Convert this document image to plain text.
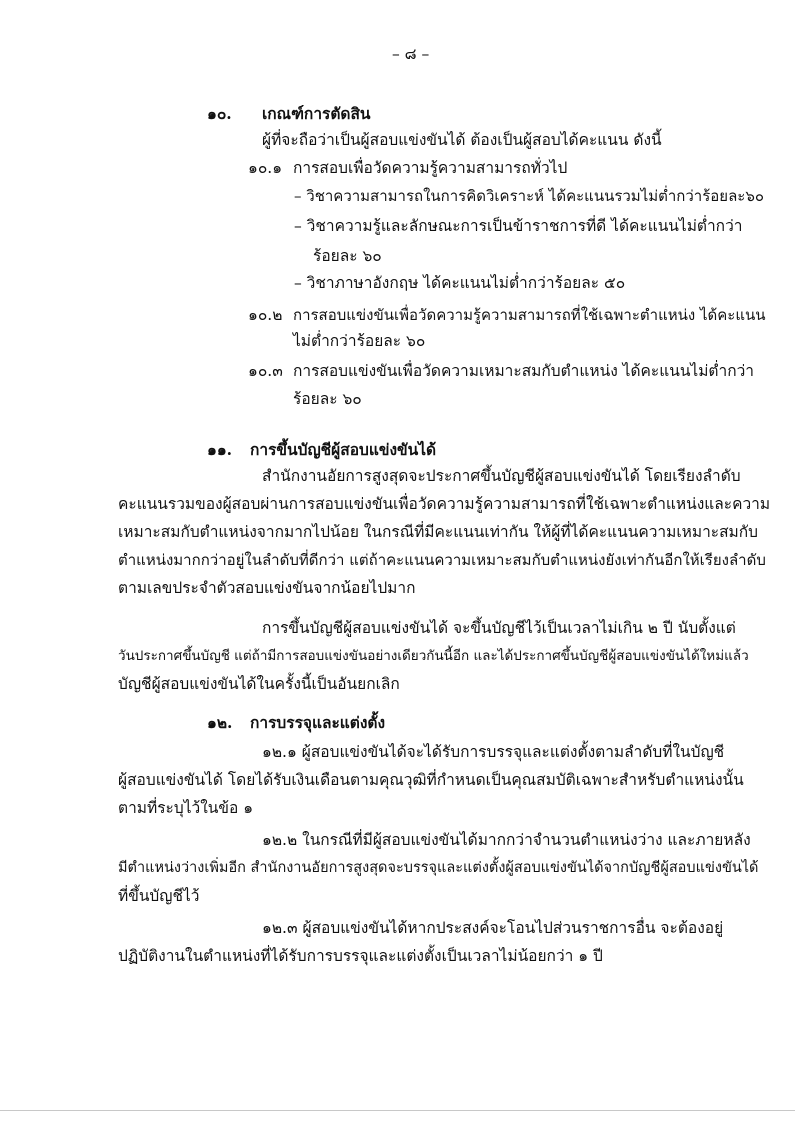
– ๘ –
๑๐. เกณฑ์การตัดสิน
ผู้ที่จะถือว่าเป็นผู้สอบแข่งขันได้ ต้องเป็นผู้สอบได้คะแนน ดังนี้
๑๐.๑ การสอบเพื่อวัดความรู้ความสามารถทั่วไป
– วิชาความสามารถในการคิดวิเคราะห์ ได้คะแนนรวมไม่ต่ำกว่าร้อยละ๖๐
– วิชาความรู้และลักษณะการเป็นข้าราชการที่ดี ได้คะแนนไม่ต่ำกว่า
ร้อยละ ๖๐
– วิชาภาษาอังกฤษ ได้คะแนนไม่ต่ำกว่าร้อยละ ๕๐
๑๐.๒ การสอบแข่งขันเพื่อวัดความรู้ความสามารถที่ใช้เฉพาะตำแหน่ง ได้คะแนน
ไม่ต่ำกว่าร้อยละ ๖๐
๑๐.๓ การสอบแข่งขันเพื่อวัดความเหมาะสมกับตำแหน่ง ได้คะแนนไม่ต่ำกว่า
ร้อยละ ๖๐
๑๑. การขึ้นบัญชีผู้สอบแข่งขันได้
สำนักงานอัยการสูงสุดจะประกาศขึ้นบัญชีผู้สอบแข่งขันได้ โดยเรียงลำดับ
คะแนนรวมของผู้สอบผ่านการสอบแข่งขันเพื่อวัดความรู้ความสามารถที่ใช้เฉพาะตำแหน่งและความ
เหมาะสมกับตำแหน่งจากมากไปน้อย ในกรณีที่มีคะแนนเท่ากัน ให้ผู้ที่ได้คะแนนความเหมาะสมกับ
ตำแหน่งมากกว่าอยู่ในลำดับที่ดีกว่า แต่ถ้าคะแนนความเหมาะสมกับตำแหน่งยังเท่ากันอีกให้เรียงลำดับ
ตามเลขประจำตัวสอบแข่งขันจากน้อยไปมาก
การขึ้นบัญชีผู้สอบแข่งขันได้ จะขึ้นบัญชีไว้เป็นเวลาไม่เกิน ๒ ปี นับตั้งแต่
วันประกาศขึ้นบัญชี แต่ถ้ามีการสอบแข่งขันอย่างเดียวกันนี้อีก และได้ประกาศขึ้นบัญชีผู้สอบแข่งขันได้ใหม่แล้ว
บัญชีผู้สอบแข่งขันได้ในครั้งนี้เป็นอันยกเลิก
๑๒. การบรรจุและแต่งตั้ง
๑๒.๑ ผู้สอบแข่งขันได้จะได้รับการบรรจุและแต่งตั้งตามลำดับที่ในบัญชี
ผู้สอบแข่งขันได้ โดยได้รับเงินเดือนตามคุณวุฒิที่กำหนดเป็นคุณสมบัติเฉพาะสำหรับตำแหน่งนั้น
ตามที่ระบุไว้ในข้อ ๑
๑๒.๒ ในกรณีที่มีผู้สอบแข่งขันได้มากกว่าจำนวนตำแหน่งว่าง และภายหลัง
มีตำแหน่งว่างเพิ่มอีก สำนักงานอัยการสูงสุดจะบรรจุและแต่งตั้งผู้สอบแข่งขันได้จากบัญชีผู้สอบแข่งขันได้
ที่ขึ้นบัญชีไว้
๑๒.๓ ผู้สอบแข่งขันได้หากประสงค์จะโอนไปส่วนราชการอื่น จะต้องอยู่
ปฏิบัติงานในตำแหน่งที่ได้รับการบรรจุและแต่งตั้งเป็นเวลาไม่น้อยกว่า ๑ ปี
